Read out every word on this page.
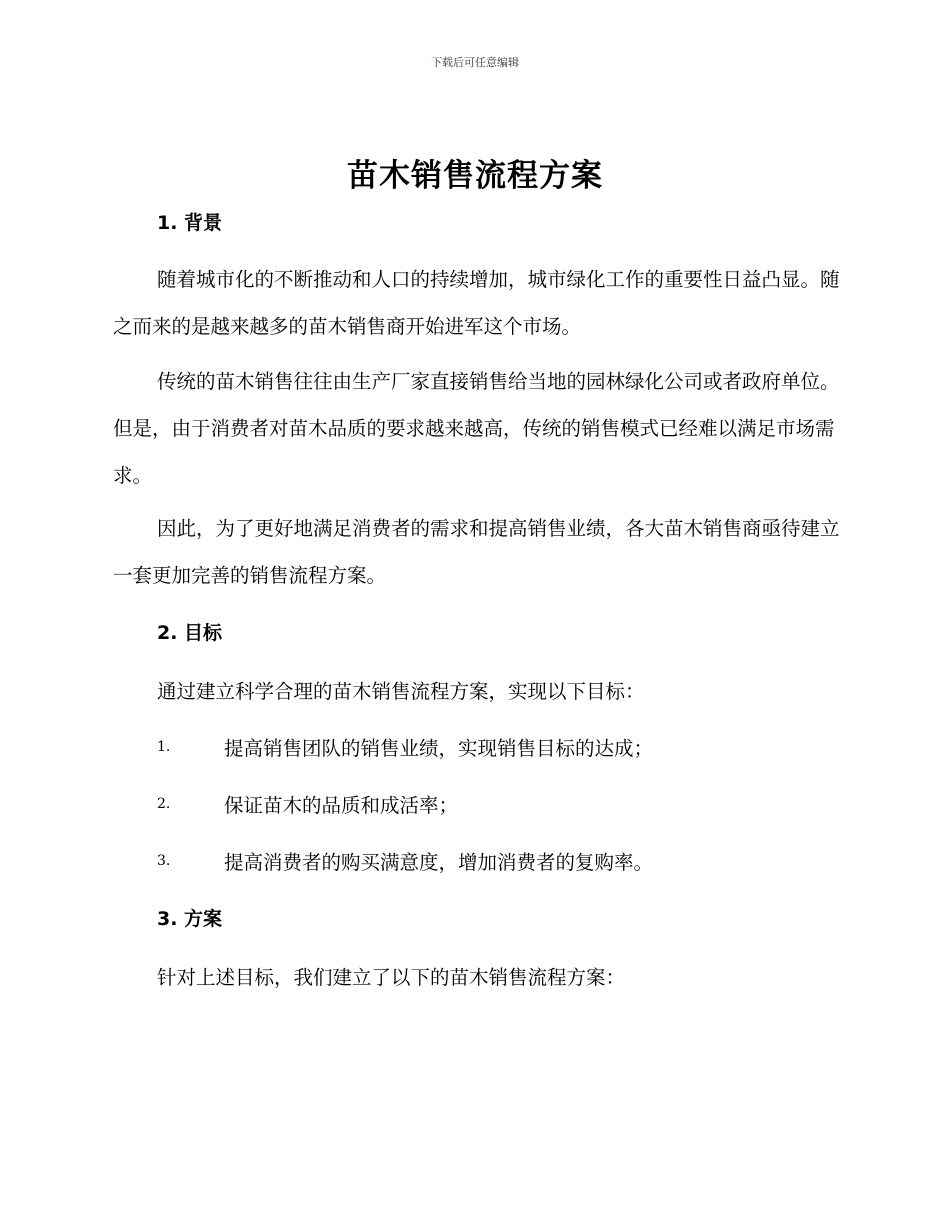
下载后可任意编辑
苗木销售流程方案
1. 背景

随着城市化的不断推动和人口的持续增加，城市绿化工作的重要性日益凸显。随之而来的是越来越多的苗木销售商开始进军这个市场。

传统的苗木销售往往由生产厂家直接销售给当地的园林绿化公司或者政府单位。但是，由于消费者对苗木品质的要求越来越高，传统的销售模式已经难以满足市场需求。

因此，为了更好地满足消费者的需求和提高销售业绩，各大苗木销售商亟待建立一套更加完善的销售流程方案。

2. 目标
通过建立科学合理的苗木销售流程方案，实现以下目标：
1.	提高销售团队的销售业绩，实现销售目标的达成；
2.	保证苗木的品质和成活率；
3.	提高消费者的购买满意度，增加消费者的复购率。
3. 方案
针对上述目标，我们建立了以下的苗木销售流程方案：
